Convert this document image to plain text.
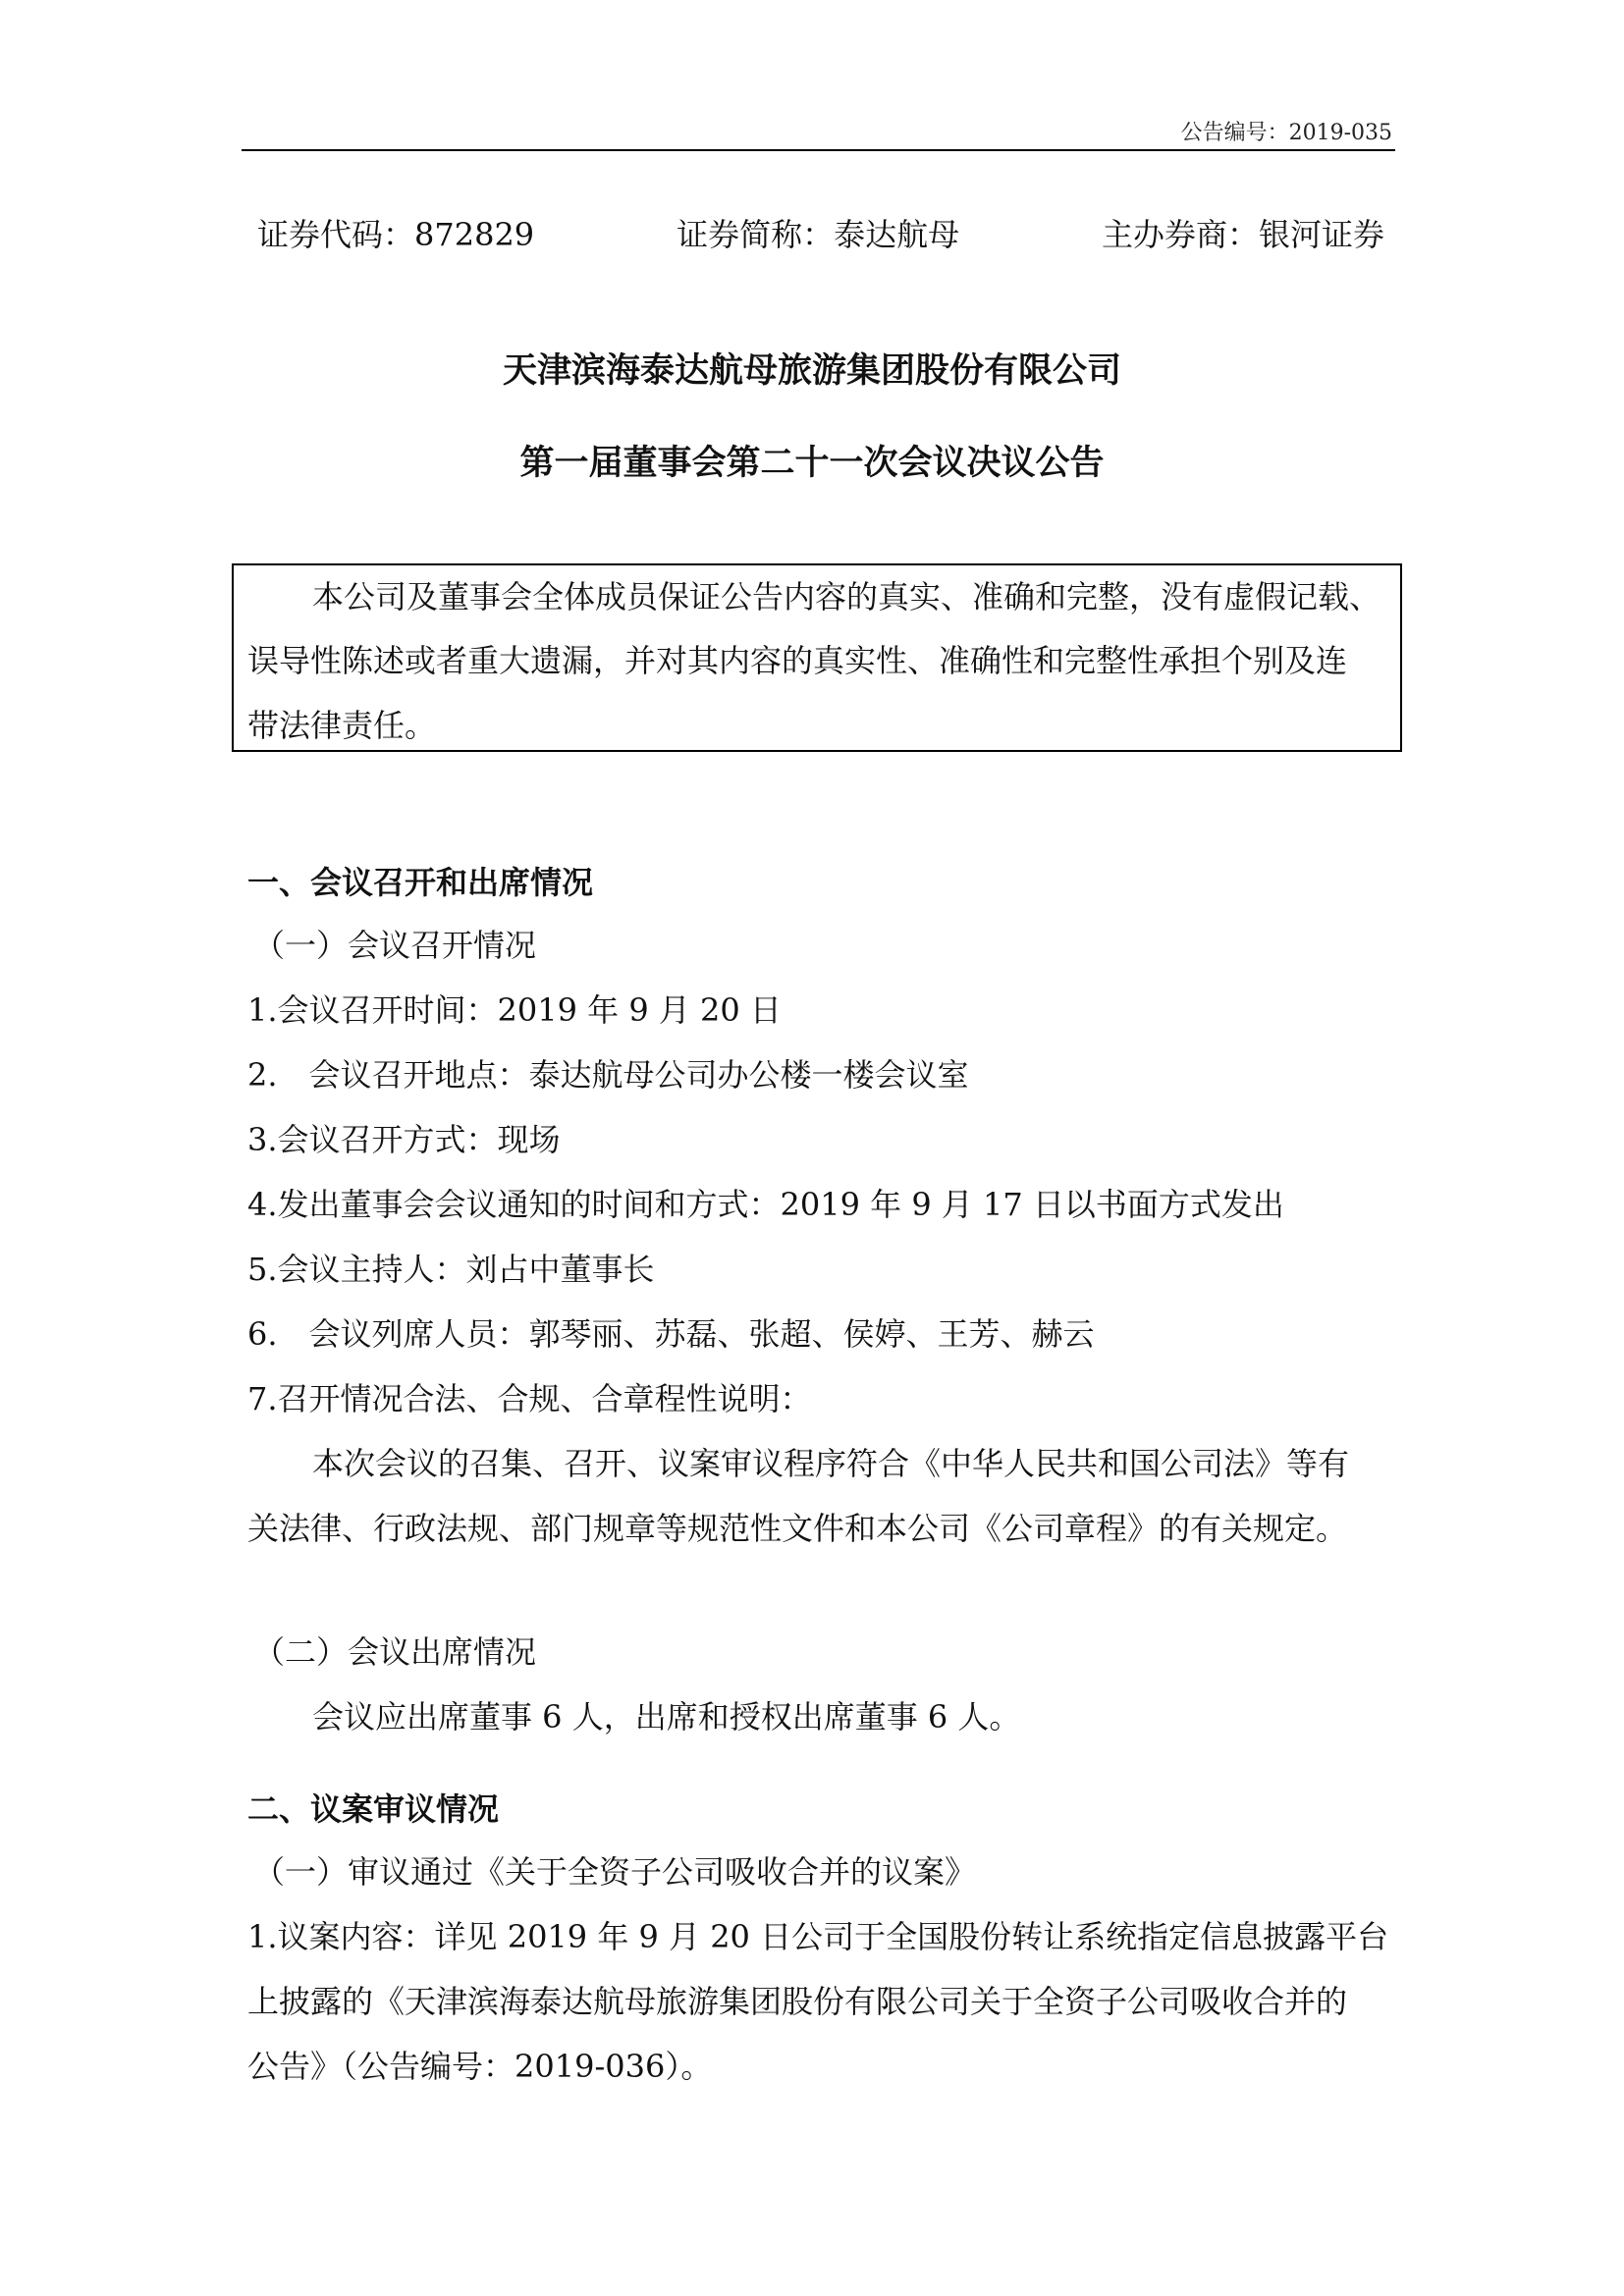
公告编号：2019-035
证券代码：872829	证券简称：泰达航母	主办券商：银河证券
天津滨海泰达航母旅游集团股份有限公司
第一届董事会第二十一次会议决议公告
本公司及董事会全体成员保证公告内容的真实、准确和完整，没有虚假记载、
误导性陈述或者重大遗漏，并对其内容的真实性、准确性和完整性承担个别及连
带法律责任。
一、会议召开和出席情况
（一）会议召开情况
1.会议召开时间：2019 年 9 月 20 日
2.　会议召开地点：泰达航母公司办公楼一楼会议室
3.会议召开方式：现场
4.发出董事会会议通知的时间和方式：2019 年 9 月 17 日以书面方式发出
5.会议主持人：刘占中董事长
6.　会议列席人员：郭琴丽、苏磊、张超、侯婷、王芳、赫云
7.召开情况合法、合规、合章程性说明：
本次会议的召集、召开、议案审议程序符合《中华人民共和国公司法》等有
关法律、行政法规、部门规章等规范性文件和本公司《公司章程》的有关规定。
（二）会议出席情况
会议应出席董事 6 人，出席和授权出席董事 6 人。
二、议案审议情况
（一）审议通过《关于全资子公司吸收合并的议案》
1.议案内容：详见 2019 年 9 月 20 日公司于全国股份转让系统指定信息披露平台
上披露的《天津滨海泰达航母旅游集团股份有限公司关于全资子公司吸收合并的
公告》（公告编号：2019-036）。
